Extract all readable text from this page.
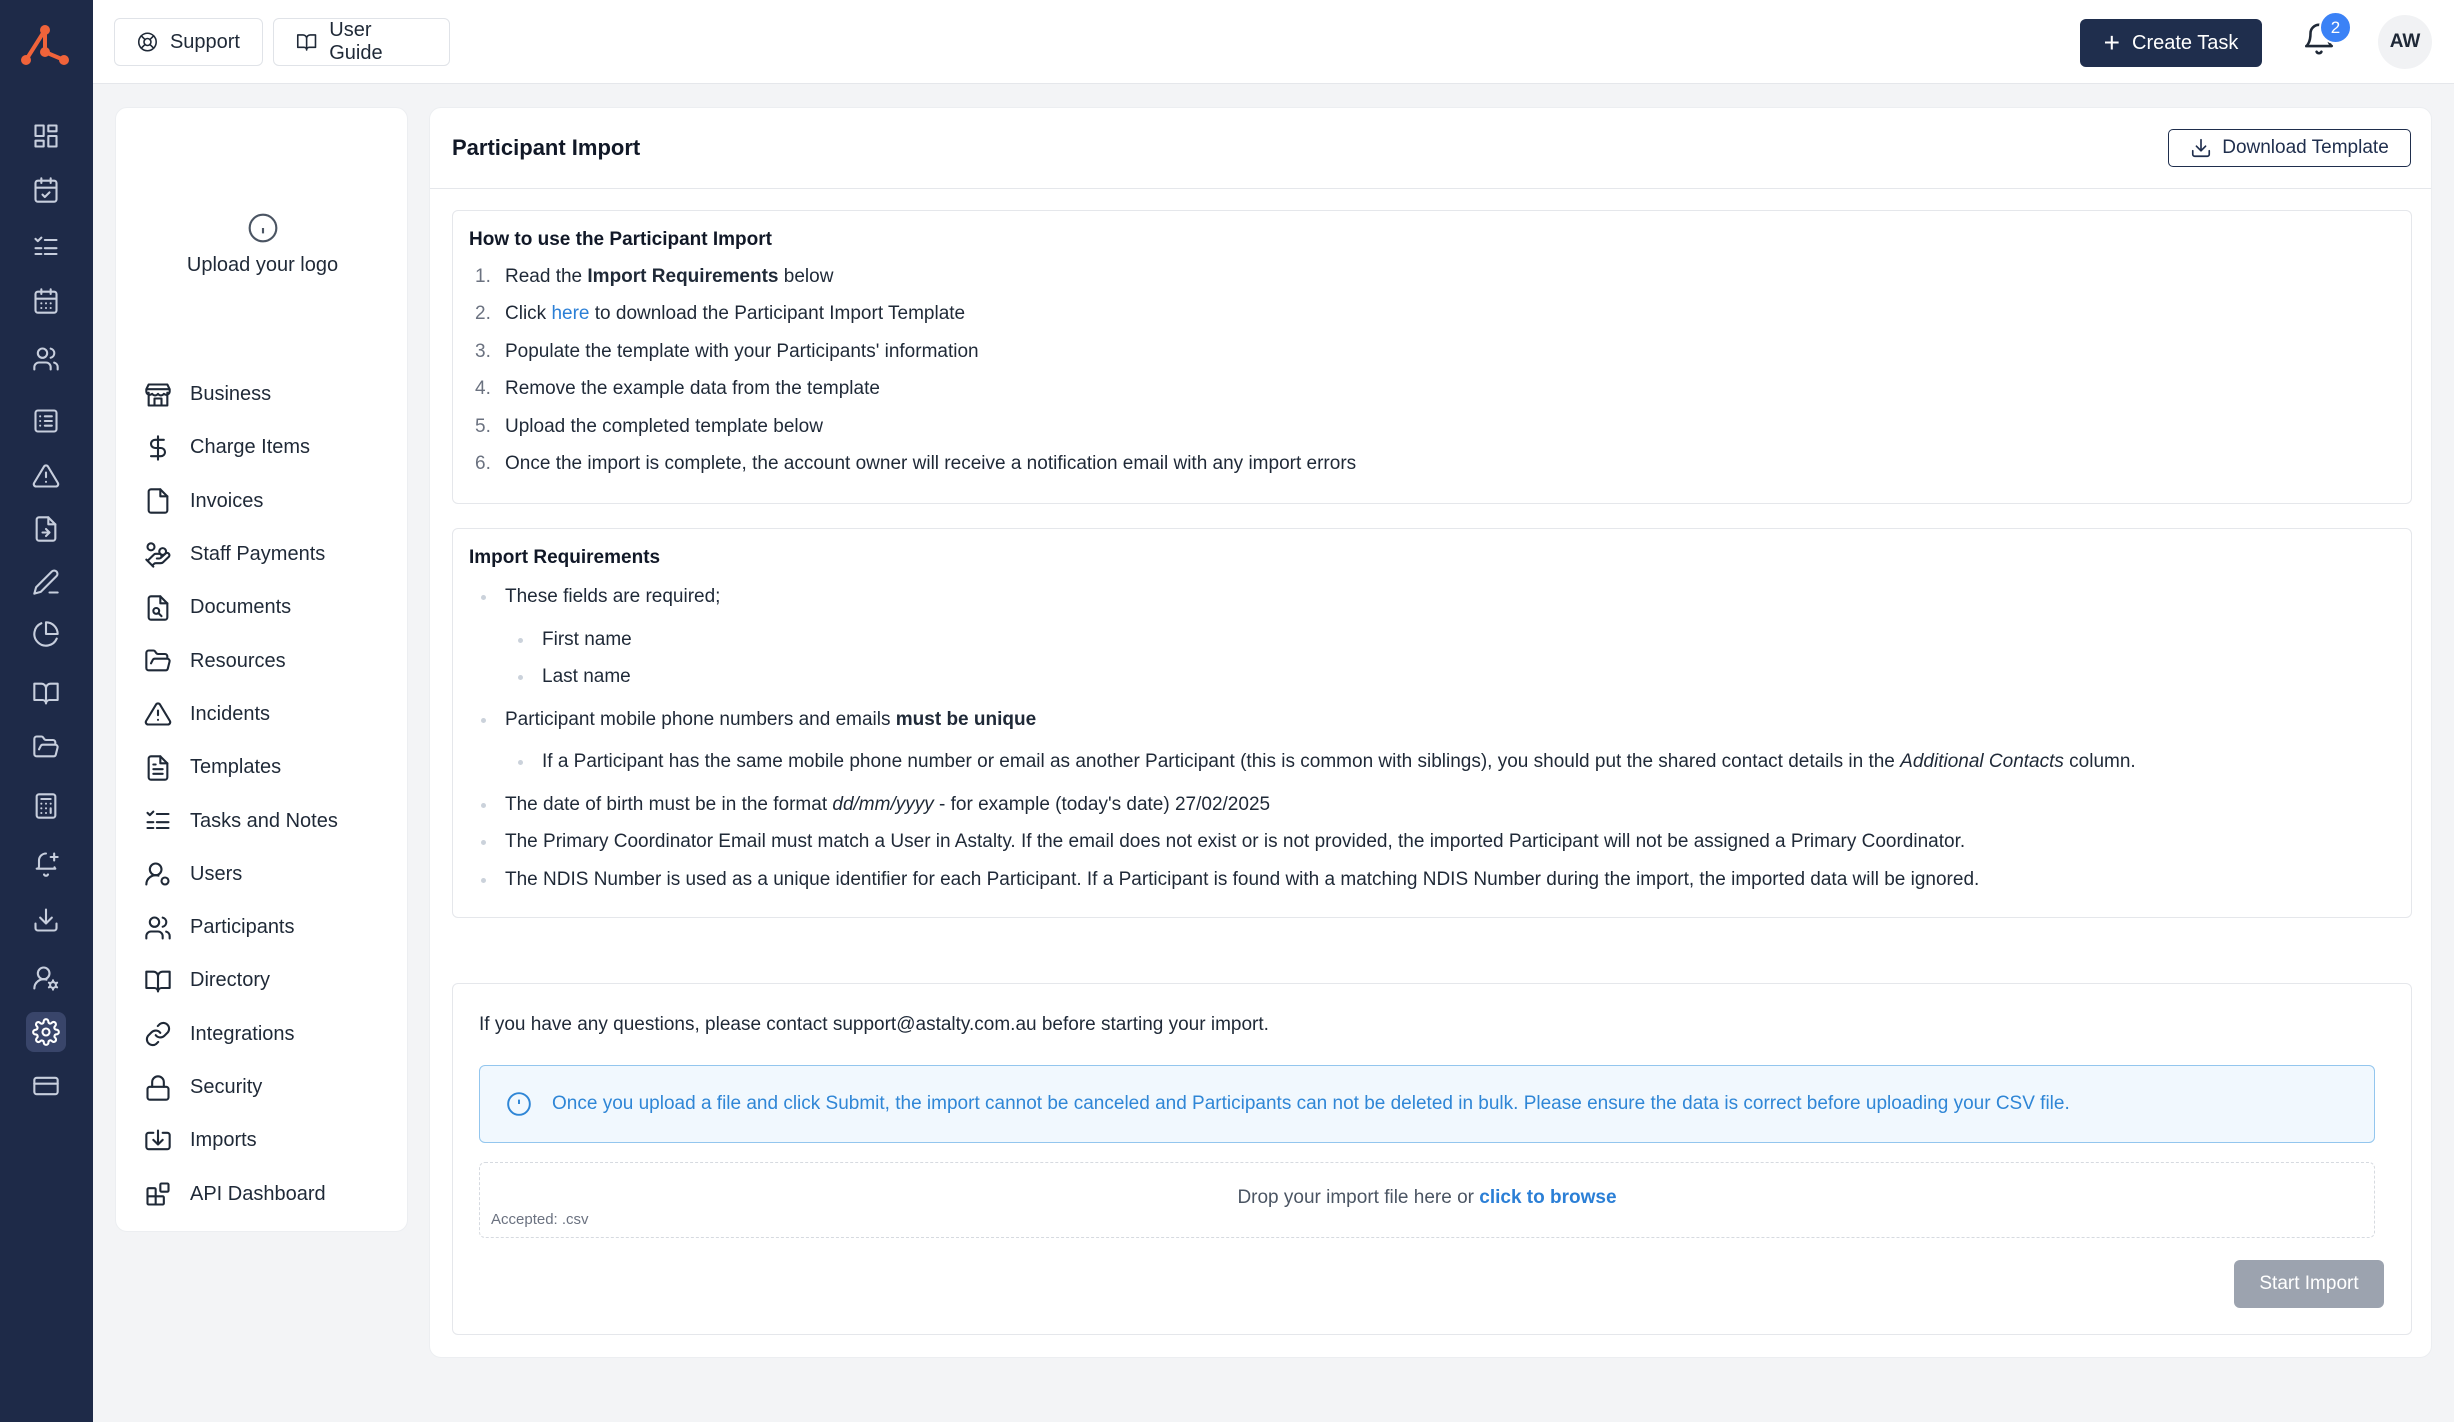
Support
User Guide	+ Create Task
2
AW
Upload your logo
Business
Charge Items
Invoices
Staff Payments
Documents
Resources
Incidents
Templates
Tasks and Notes
Users
Participants
Directory
Integrations
Security
Imports
API Dashboard
Participant Import	Download Template
How to use the Participant Import
1. Read the Import Requirements below
2. Click here to download the Participant Import Template
3. Populate the template with your Participants' information
4. Remove the example data from the template
5. Upload the completed template below
6. Once the import is complete, the account owner will receive a notification email with any import errors
Import Requirements
These fields are required;
First name
Last name
Participant mobile phone numbers and emails must be unique
If a Participant has the same mobile phone number or email as another Participant (this is common with siblings), you should put the shared contact details in the Additional Contacts column.
The date of birth must be in the format dd/mm/yyyy - for example (today's date) 27/02/2025
The Primary Coordinator Email must match a User in Astalty. If the email does not exist or is not provided, the imported Participant will not be assigned a Primary Coordinator.
The NDIS Number is used as a unique identifier for each Participant. If a Participant is found with a matching NDIS Number during the import, the imported data will be ignored.
If you have any questions, please contact support@astalty.com.au before starting your import.
Once you upload a file and click Submit, the import cannot be canceled and Participants can not be deleted in bulk. Please ensure the data is correct before uploading your CSV file.
Drop your import file here or click to browse
Accepted: .csv
Start Import
